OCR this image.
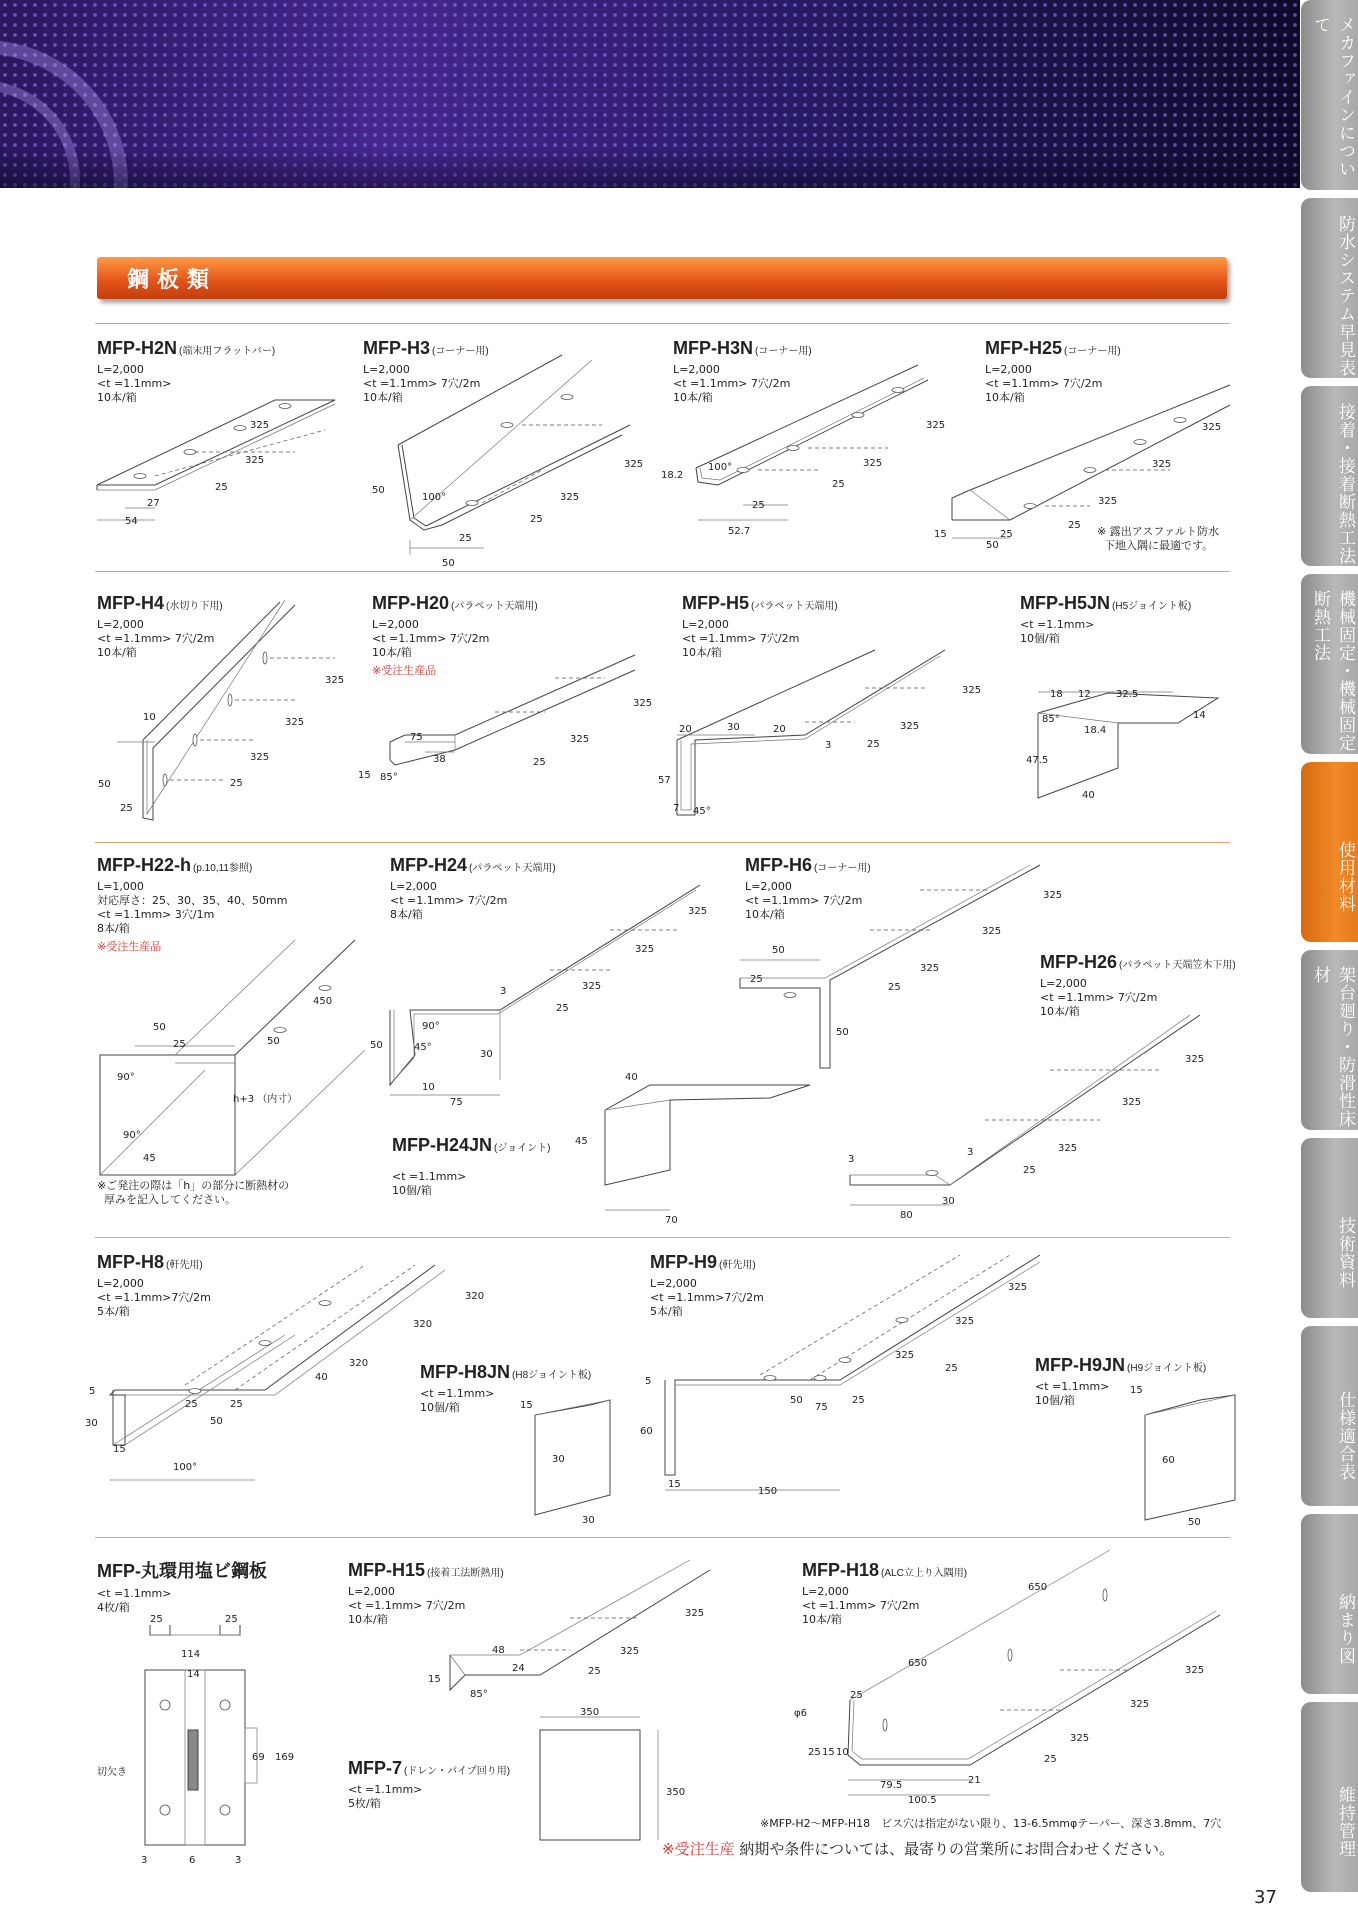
メカファインについて
防水システム早見表
接着・接着断熱工法
機械固定・機械固定断熱工法
使用材料
架台廻り・防滑性床材
技術資料
仕様適合表
納まり図
維持管理
鋼板類
MFP-H2N (端末用フラットバー)
L=2,000
<t =1.1mm>
10本/箱
325
325
25
27
54
MFP-H3 (コーナー用)
L=2,000
<t =1.1mm> 7穴/2m
10本/箱
325
325
25
25
50
100°
50
MFP-H3N (コーナー用)
L=2,000
<t =1.1mm> 7穴/2m
10本/箱
325
325
25
100°
18.2
25
52.7
MFP-H25 (コーナー用)
L=2,000
<t =1.1mm> 7穴/2m
10本/箱
325
325
325
25
25
15
50
※ 露出アスファルト防水
下地入隅に最適です。
MFP-H4 (水切り下用)
L=2,000
<t =1.1mm> 7穴/2m
10本/箱
325
325
325
25
10
50
25
MFP-H20 (パラペット天端用)
L=2,000
<t =1.1mm> 7穴/2m
10本/箱
※受注生産品
325
325
25
75
38
15 85°
MFP-H5 (パラペット天端用)
L=2,000
<t =1.1mm> 7穴/2m
10本/箱
325
325
25
20	30	20
3
57
7 45°
MFP-H5JN (H5ジョイント板)
<t =1.1mm>
10個/箱
18 12	32.5
85°
18.4
14
47.5
40
MFP-H22-h (p.10,11参照)
L=1,000
対応厚さ：25、30、35、40、50mm
<t =1.1mm> 3穴/1m
8本/箱
※受注生産品
450
50
50
25
90°
h+3 （内寸）
90°
45
※ご発注の際は「h」の部分に断熱材の
厚みを記入してください。
MFP-H24 (パラペット天端用)
L=2,000
<t =1.1mm> 7穴/2m
8本/箱	325
325
325
25
3
90°
50	45°
30
10
75
MFP-H6 (コーナー用)
L=2,000
<t =1.1mm> 7穴/2m
10本/箱
325
325
325
25
50
25
50
MFP-H26 (パラペット天端笠木下用)
L=2,000
<t =1.1mm> 7穴/2m
10本/箱
325
325
325
25
3
3
30
80
MFP-H24JN (ジョイント)
<t =1.1mm>
10個/箱
40
45
70
MFP-H8 (軒先用)
L=2,000
<t =1.1mm>7穴/2m
5本/箱
320
320
320
40
5
25	25
50
30
15
100°
MFP-H9 (軒先用)
L=2,000
<t =1.1mm>7穴/2m
5本/箱
325
325
325
25
5
50	25
75
60
15
150
MFP-H8JN (H8ジョイント板)
<t =1.1mm>
10個/箱	15
30
30
MFP-H9JN (H9ジョイント板)
<t =1.1mm>
10個/箱
15
60
50
MFP-丸環用塩ビ鋼板
<t =1.1mm>
4枚/箱
25	25
114
14
69 169
切欠き
3	6	3
MFP-H15 (接着工法断熱用)
L=2,000
<t =1.1mm> 7穴/2m
10本/箱	325
325
25
48
24
15
85°
350
350
MFP-7 (ドレン・パイプ回り用)
<t =1.1mm>
5枚/箱
MFP-H18 (ALC立上り入隅用)
L=2,000
<t =1.1mm> 7穴/2m
10本/箱
650
650
325
325
325
25
25
φ6
25 15 10
79.5	21
100.5
※MFP-H2〜MFP-H18　ビス穴は指定がない限り、13-6.5mmφテーパー、深さ3.8mm、7穴
※受注生産 納期や条件については、最寄りの営業所にお問合わせください。
37
